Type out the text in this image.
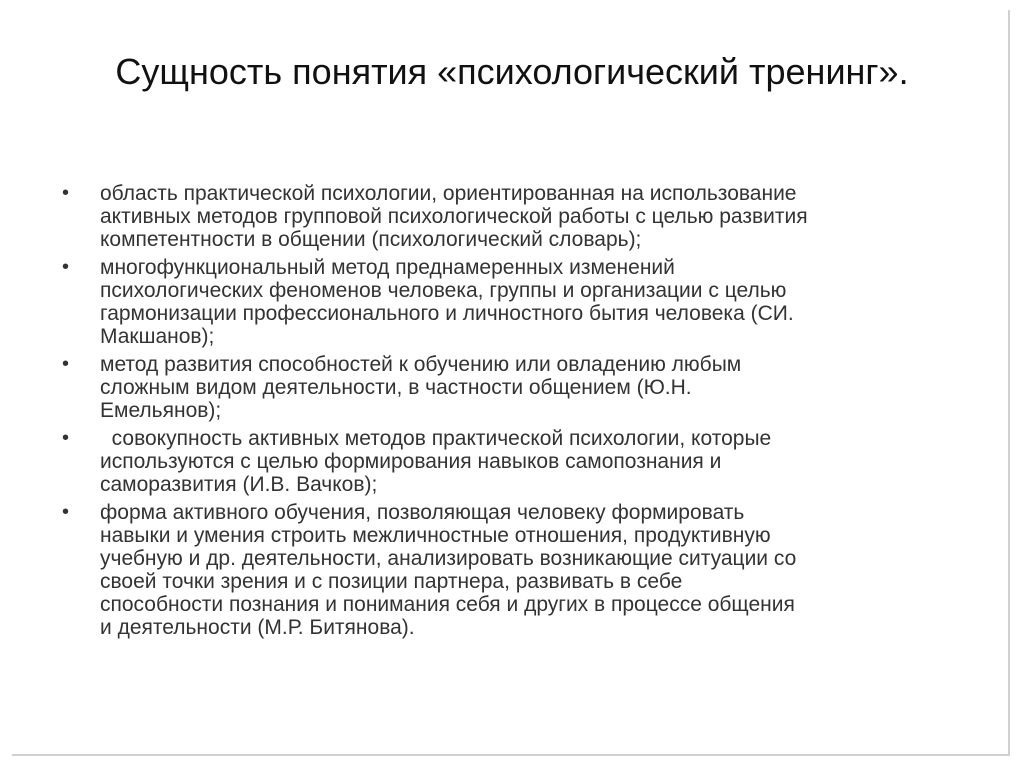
Сущность понятия «психологический тренинг».
•	область практической психологии, ориентированная на использование
активных методов групповой психологической работы с целью развития
компетентности в общении (психологический словарь);
•	многофункциональный метод преднамеренных изменений
психологических феноменов человека, группы и организации с целью
гармонизации профессионального и личностного бытия человека (СИ.
Макшанов);
•	метод развития способностей к обучению или овладению любым
сложным видом деятельности, в частности общением (Ю.Н.
Емельянов);
•	совокупность активных методов практической психологии, которые
используются с целью формирования навыков самопознания и
саморазвития (И.В. Вачков);
•	форма активного обучения, позволяющая человеку формировать
навыки и умения строить межличностные отношения, продуктивную
учебную и др. деятельности, анализировать возникающие ситуации со
своей точки зрения и с позиции партнера, развивать в себе
способности познания и понимания себя и других в процессе общения
и деятельности (М.Р. Битянова).
